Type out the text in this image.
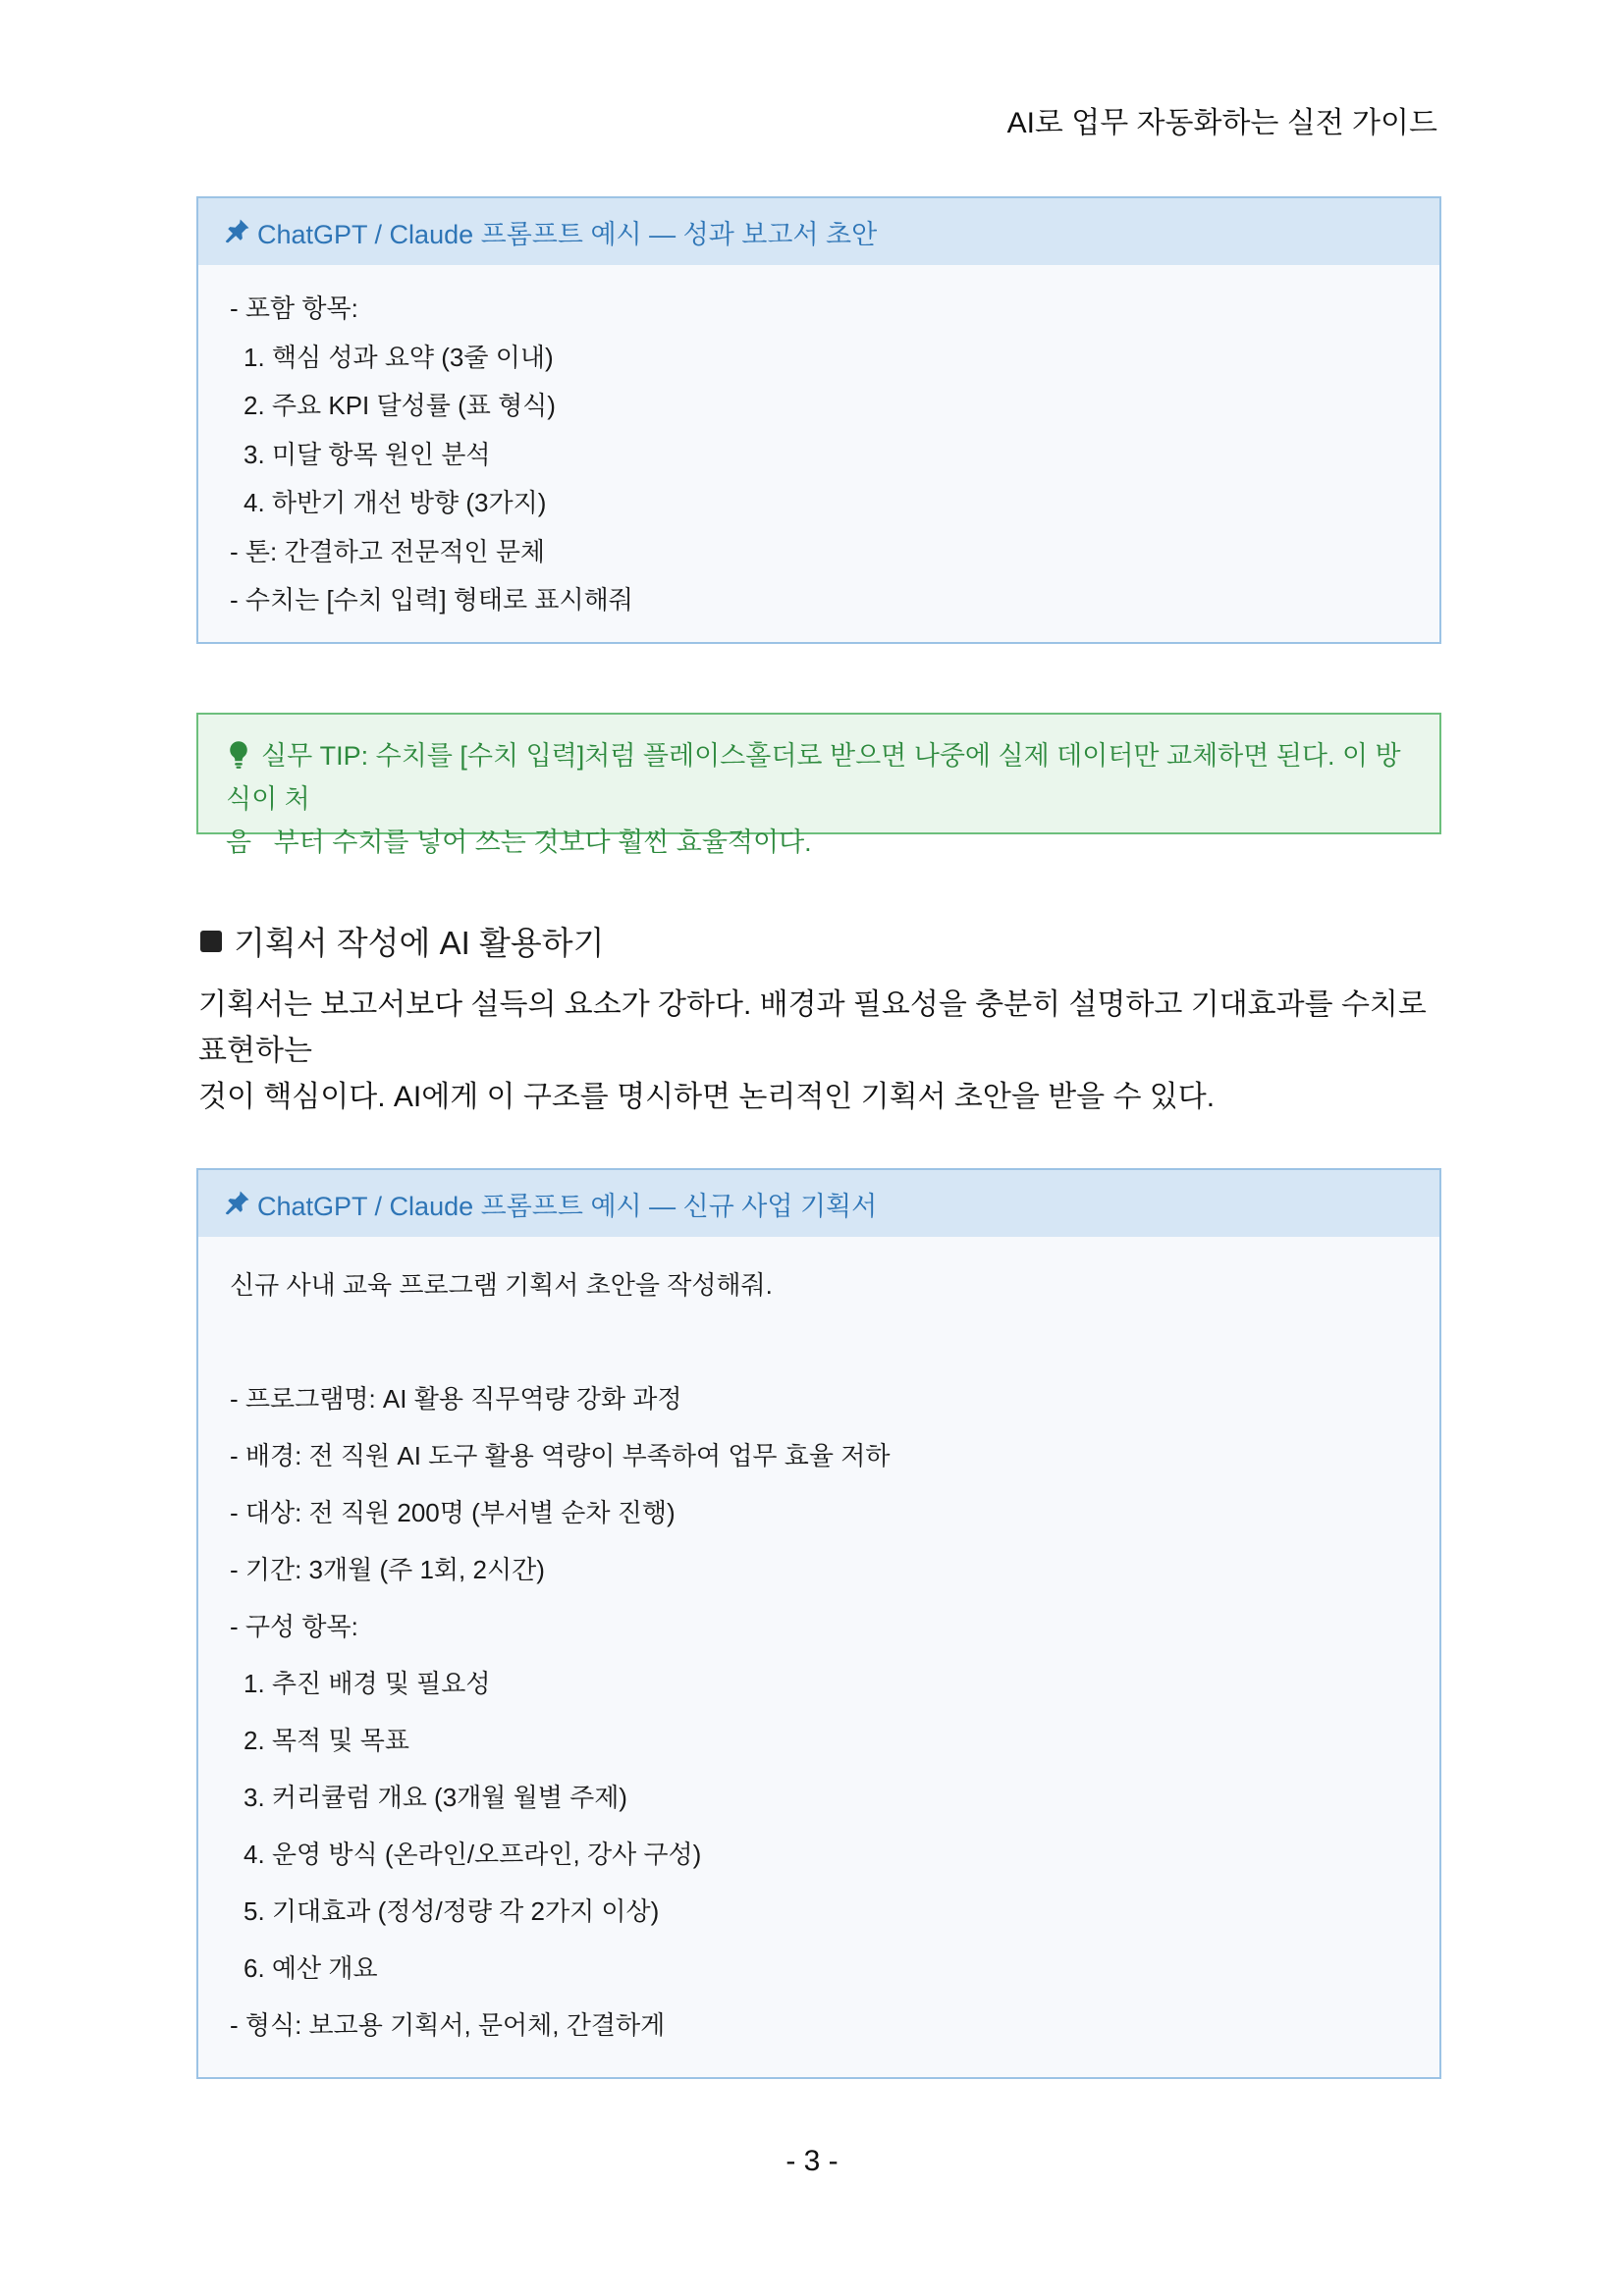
AI로 업무 자동화하는 실전 가이드
ChatGPT / Claude 프롬프트 예시 — 성과 보고서 초안
- 포함 항목:
1. 핵심 성과 요약 (3줄 이내)
2. 주요 KPI 달성률 (표 형식)
3. 미달 항목 원인 분석
4. 하반기 개선 방향 (3가지)
- 톤: 간결하고 전문적인 문체
- 수치는 [수치 입력] 형태로 표시해줘
실무 TIP: 수치를 [수치 입력]처럼 플레이스홀더로 받으면 나중에 실제 데이터만 교체하면 된다. 이 방식이 처
음   부터 수치를 넣어 쓰는 것보다 훨씬 효율적이다.
기획서 작성에 AI 활용하기
기획서는 보고서보다 설득의 요소가 강하다. 배경과 필요성을 충분히 설명하고 기대효과를 수치로 표현하는
것이 핵심이다. AI에게 이 구조를 명시하면 논리적인 기획서 초안을 받을 수 있다.
ChatGPT / Claude 프롬프트 예시 — 신규 사업 기획서
신규 사내 교육 프로그램 기획서 초안을 작성해줘.
- 프로그램명: AI 활용 직무역량 강화 과정
- 배경: 전 직원 AI 도구 활용 역량이 부족하여 업무 효율 저하
- 대상: 전 직원 200명 (부서별 순차 진행)
- 기간: 3개월 (주 1회, 2시간)
- 구성 항목:
1. 추진 배경 및 필요성
2. 목적 및 목표
3. 커리큘럼 개요 (3개월 월별 주제)
4. 운영 방식 (온라인/오프라인, 강사 구성)
5. 기대효과 (정성/정량 각 2가지 이상)
6. 예산 개요
- 형식: 보고용 기획서, 문어체, 간결하게
- 3 -
